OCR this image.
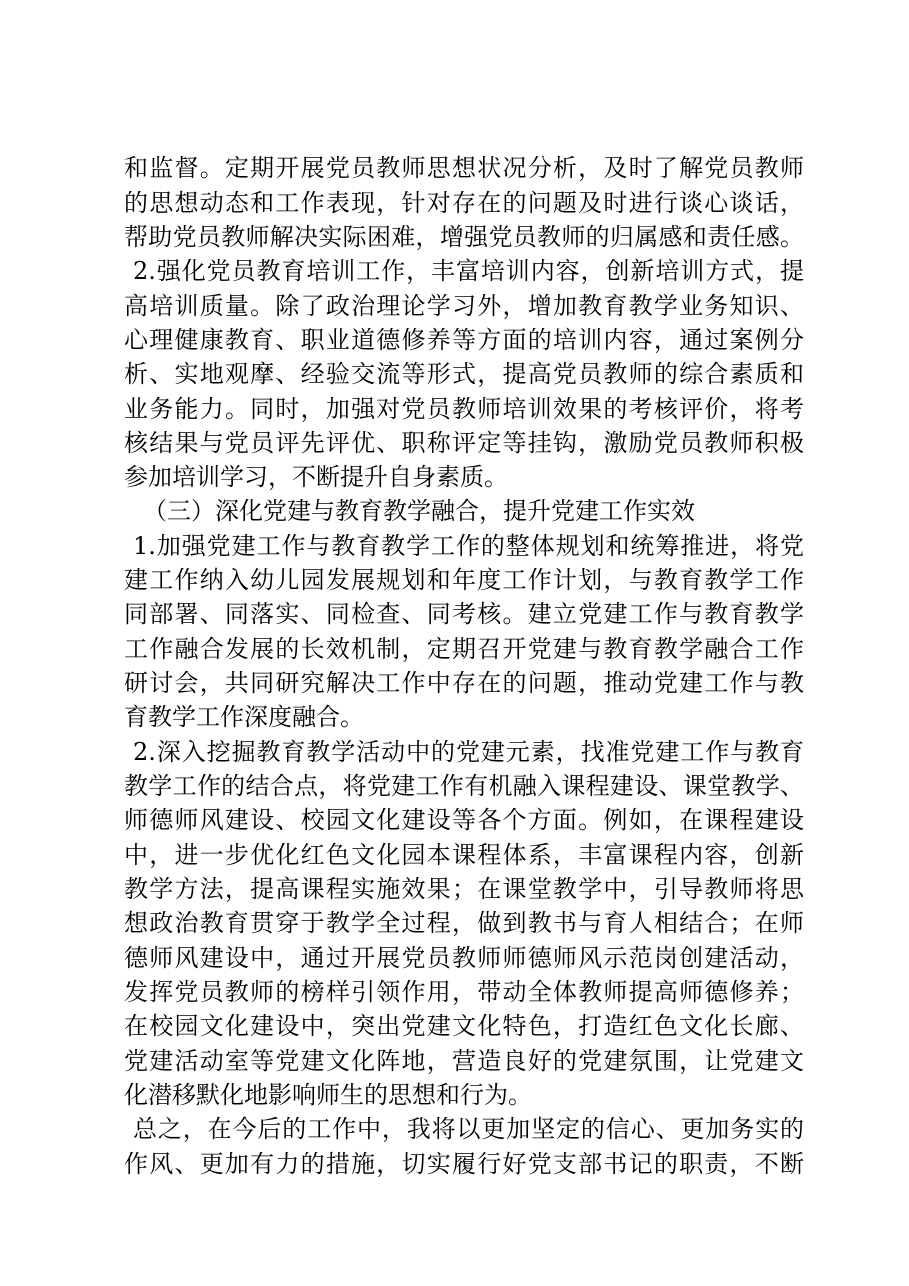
和监督。定期开展党员教师思想状况分析，及时了解党员教师
的思想动态和工作表现，针对存在的问题及时进行谈心谈话，
帮助党员教师解决实际困难，增强党员教师的归属感和责任感。
2.强化党员教育培训工作，丰富培训内容，创新培训方式，提
高培训质量。除了政治理论学习外，增加教育教学业务知识、
心理健康教育、职业道德修养等方面的培训内容，通过案例分
析、实地观摩、经验交流等形式，提高党员教师的综合素质和
业务能力。同时，加强对党员教师培训效果的考核评价，将考
核结果与党员评先评优、职称评定等挂钩，激励党员教师积极
参加培训学习，不断提升自身素质。
（三）深化党建与教育教学融合，提升党建工作实效
1.加强党建工作与教育教学工作的整体规划和统筹推进，将党
建工作纳入幼儿园发展规划和年度工作计划，与教育教学工作
同部署、同落实、同检查、同考核。建立党建工作与教育教学
工作融合发展的长效机制，定期召开党建与教育教学融合工作
研讨会，共同研究解决工作中存在的问题，推动党建工作与教
育教学工作深度融合。
2.深入挖掘教育教学活动中的党建元素，找准党建工作与教育
教学工作的结合点，将党建工作有机融入课程建设、课堂教学、
师德师风建设、校园文化建设等各个方面。例如，在课程建设
中，进一步优化红色文化园本课程体系，丰富课程内容，创新
教学方法，提高课程实施效果；在课堂教学中，引导教师将思
想政治教育贯穿于教学全过程，做到教书与育人相结合；在师
德师风建设中，通过开展党员教师师德师风示范岗创建活动，
发挥党员教师的榜样引领作用，带动全体教师提高师德修养；
在校园文化建设中，突出党建文化特色，打造红色文化长廊、
党建活动室等党建文化阵地，营造良好的党建氛围，让党建文
化潜移默化地影响师生的思想和行为。
总之，在今后的工作中，我将以更加坚定的信心、更加务实的
作风、更加有力的措施，切实履行好党支部书记的职责，不断
